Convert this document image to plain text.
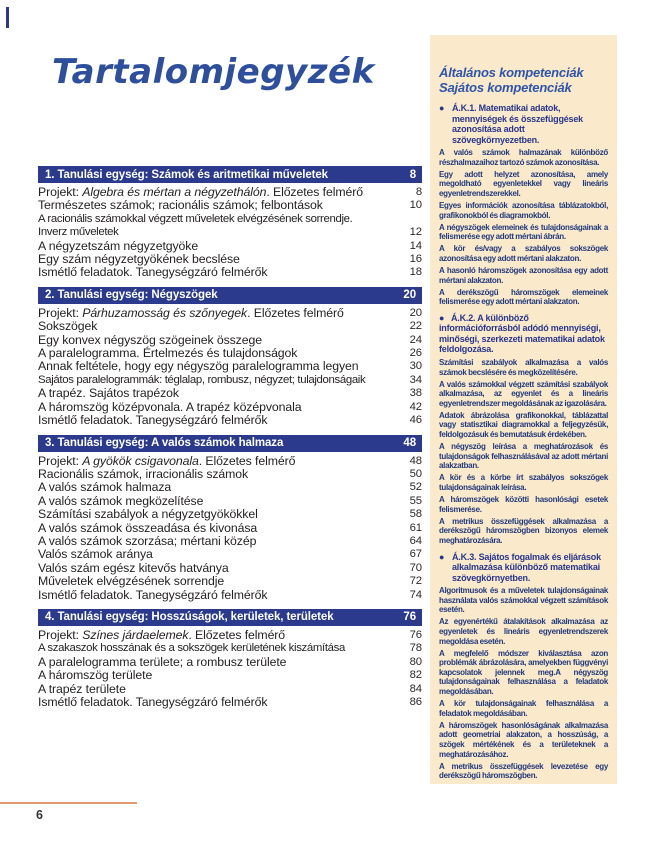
Tartalomjegyzék
1. Tanulási egység: Számok és aritmetikai műveletek	8
Projekt: Algebra és mértan a négyzethálón. Előzetes felmérő	8
Természetes számok; racionális számok; felbontások	10
A racionális számokkal végzett műveletek elvégzésének sorrendje.
Inverz műveletek	12
A négyzetszám négyzetgyöke	14
Egy szám négyzetgyökének becslése	16
Ismétlő feladatok. Tanegységzáró felmérők	18
2. Tanulási egység: Négyszögek	20
Projekt: Párhuzamosság és szőnyegek. Előzetes felmérő	20
Sokszögek	22
Egy konvex négyszög szögeinek összege	24
A paralelogramma. Értelmezés és tulajdonságok	26
Annak feltétele, hogy egy négyszög paralelogramma legyen	30
Sajátos paralelogrammák: téglalap, rombusz, négyzet; tulajdonságaik	34
A trapéz. Sajátos trapézok	38
A háromszög középvonala. A trapéz középvonala	42
Ismétlő feladatok. Tanegységzáró felmérők	46
3. Tanulási egység: A valós számok halmaza	48
Projekt: A gyökök csigavonala. Előzetes felmérő	48
Racionális számok, irracionális számok	50
A valós számok halmaza	52
A valós számok megközelítése	55
Számítási szabályok a négyzetgyökökkel	58
A valós számok összeadása és kivonása	61
A valós számok szorzása; mértani közép	64
Valós számok aránya	67
Valós szám egész kitevős hatványa	70
Műveletek elvégzésének sorrendje	72
Ismétlő feladatok. Tanegységzáró felmérők	74
4. Tanulási egység: Hosszúságok, kerületek, területek	76
Projekt: Színes járdaelemek. Előzetes felmérő	76
A szakaszok hosszának és a sokszögek kerületének kiszámítása	78
A paralelogramma területe; a rombusz területe	80
A háromszög területe	82
A trapéz területe	84
Ismétlő feladatok. Tanegységzáró felmérők	86
Általános kompetenciák
Sajátos kompetenciák
● Á.K.1. Matematikai adatok, mennyiségek és összefüggések azonosítása adott szövegkörnyezetben.

A valós számok halmazának különböző részhalmazaihoz tartozó számok azonosítása.

Egy adott helyzet azonosítása, amely megoldható egyenletekkel vagy lineáris egyenletrendszerekkel.

Egyes információk azonosítása táblázatokból, grafikonokból és diagramokból.

A négyszögek elemeinek és tulajdonságainak a felismerése egy adott mértani ábrán.

A kör és/vagy a szabályos sokszögek azonosítása egy adott mértani alakzaton.

A hasonló háromszögek azonosítása egy adott mértani alakzaton.

A derékszögű háromszögek elemeinek felismerése egy adott mértani alakzaton.

● Á.K.2. A különböző információforrásból adódó mennyiségi, minőségi, szerkezeti matematikai adatok feldolgozása.

Számítási szabályok alkalmazása a valós számok becslésére és megközelítésére.

A valós számokkal végzett számítási szabályok alkalmazása, az egyenlet és a lineáris egyenletrendszer megoldásának az igazolására.

Adatok ábrázolása grafikonokkal, táblázattal vagy statisztikai diagramokkal a feljegyzésük, feldolgozásuk és bemutatásuk érdekében.

A négyszög leírása a meghatározások és tulajdonságok felhasználásával az adott mértani alakzatban.

A kör és a körbe írt szabályos sokszögek tulajdonságainak leírása.

A háromszögek közötti hasonlósági esetek felismerése.

A metrikus összefüggések alkalmazása a derékszögű háromszögben bizonyos elemek meghatározására.

● Á.K.3. Sajátos fogalmak és eljárások alkalmazása különböző matematikai szövegkörnyetben.

Algoritmusok és a műveletek tulajdonságainak használata valós számokkal végzett számítások esetén.

Az egyenértékű átalakítások alkalmazása az egyenletek és lineáris egyenletrendszerek megoldása esetén.

A megfelelő módszer kiválasztása azon problémák ábrázolására, amelyekben függvényi kapcsolatok jelennek meg.A négyszög tulajdonságainak felhasználása a feladatok megoldásában.

A kör tulajdonságainak felhasználása a feladatok megoldásában.

A háromszögek hasonlóságának alkalmazása adott geometriai alakzaton, a hosszúság, a szögek mértékének és a területeknek a meghatározásához.

A metrikus összefüggések levezetése egy derékszögű háromszögben.

6
